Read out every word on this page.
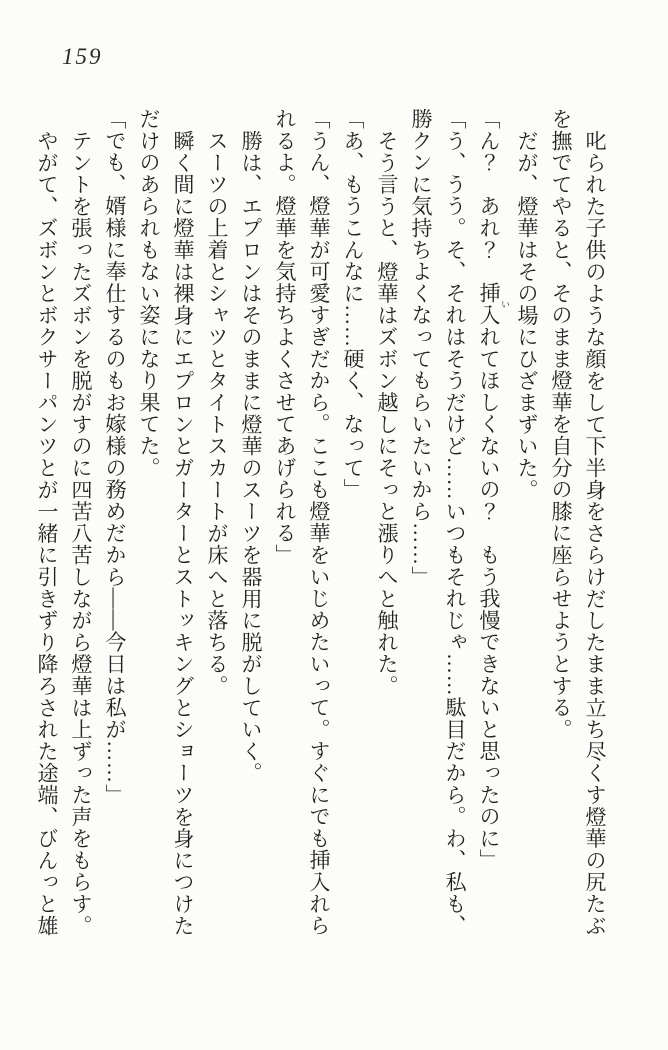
159

叱られた子供のような顔をして下半身をさらけだしたまま立ち尽くす燈華の尻たぶ

を撫でてやると、そのまま燈華を自分の膝に座らせようとする。

だが、燈華はその場にひざまずいた。

「ん？　あれ？　挿入 いれてほしくないの？　もう我慢できないと思ったのに」

「う、うう。そ、それはそうだけど……いつもそれじゃ……駄目だから。わ、私も、

勝クンに気持ちよくなってもらいたいから……」

そう言うと、燈華はズボン越しにそっと漲りへと触れた。

「あ、もうこんなに……硬く、なって」

「うん、燈華が可愛すぎだから。ここも燈華をいじめたいって。すぐにでも挿入れら

れるよ。燈華を気持ちよくさせてあげられる」

勝は、エプロンはそのままに燈華のスーツを器用に脱がしていく。

スーツの上着とシャツとタイトスカートが床へと落ちる。

瞬く間に燈華は裸身にエプロンとガーターとストッキングとショーツを身につけた

だけのあられもない姿になり果てた。

「でも、婿様に奉仕するのもお嫁様の務めだから――今日は私が……」

テントを張ったズボンを脱がすのに四苦八苦しながら燈華は上ずった声をもらす。

やがて、ズボンとボクサーパンツとが一緒に引きずり降ろされた途端、びんっと雄
